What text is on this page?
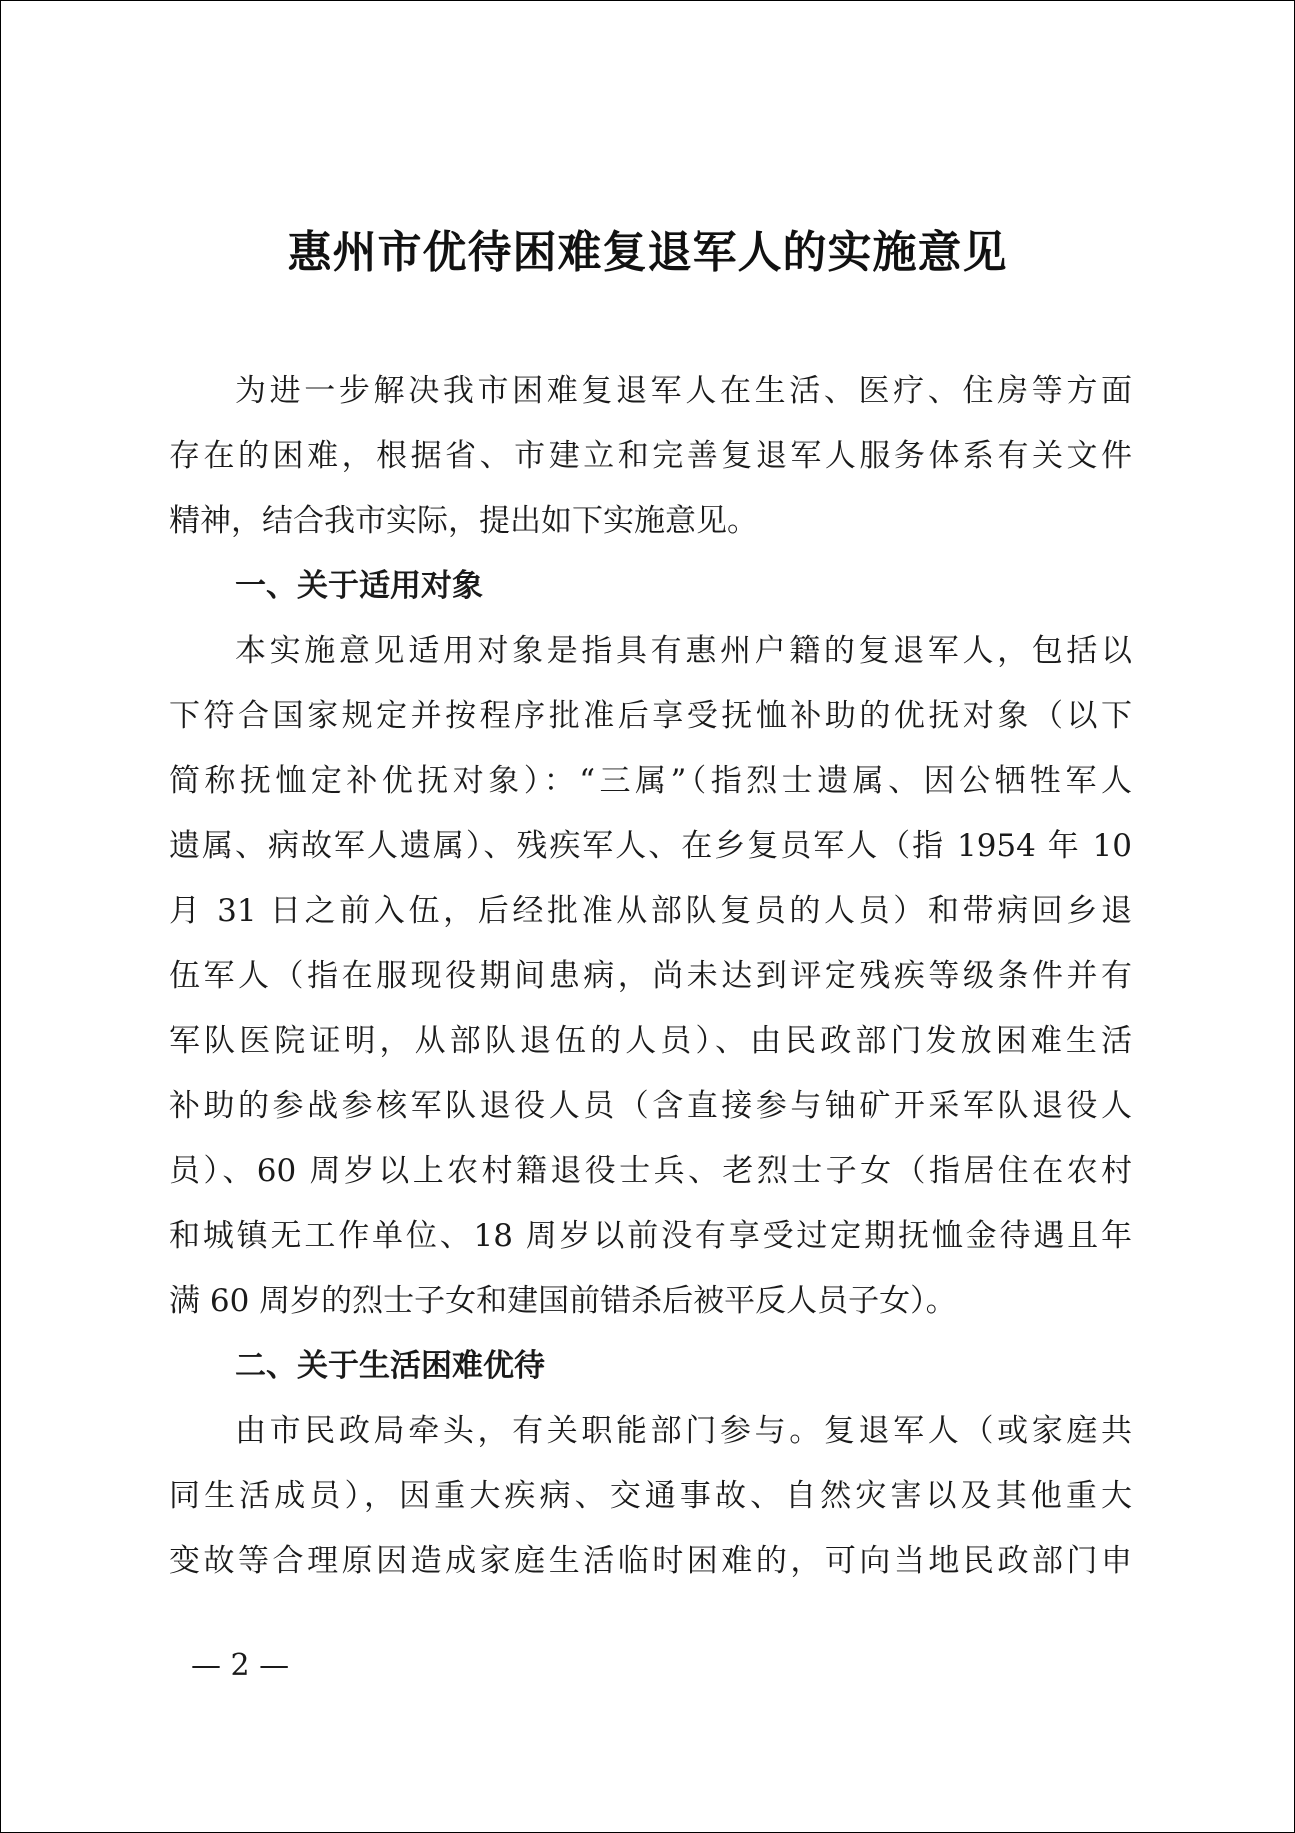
惠州市优待困难复退军人的实施意见
为进一步解决我市困难复退军人在生活、医疗、住房等方面
存在的困难，根据省、市建立和完善复退军人服务体系有关文件
精神，结合我市实际，提出如下实施意见。
一、关于适用对象
本实施意见适用对象是指具有惠州户籍的复退军人，包括以
下符合国家规定并按程序批准后享受抚恤补助的优抚对象（以下
简称抚恤定补优抚对象）：“三属”（指烈士遗属、因公牺牲军人
遗属、病故军人遗属）、残疾军人、在乡复员军人（指 1954 年 10
月 31 日之前入伍，后经批准从部队复员的人员）和带病回乡退
伍军人（指在服现役期间患病，尚未达到评定残疾等级条件并有
军队医院证明，从部队退伍的人员）、由民政部门发放困难生活
补助的参战参核军队退役人员（含直接参与铀矿开采军队退役人
员）、60 周岁以上农村籍退役士兵、老烈士子女（指居住在农村
和城镇无工作单位、18 周岁以前没有享受过定期抚恤金待遇且年
满 60 周岁的烈士子女和建国前错杀后被平反人员子女）。
二、关于生活困难优待
由市民政局牵头，有关职能部门参与。复退军人（或家庭共
同生活成员），因重大疾病、交通事故、自然灾害以及其他重大
变故等合理原因造成家庭生活临时困难的，可向当地民政部门申
— 2 —
